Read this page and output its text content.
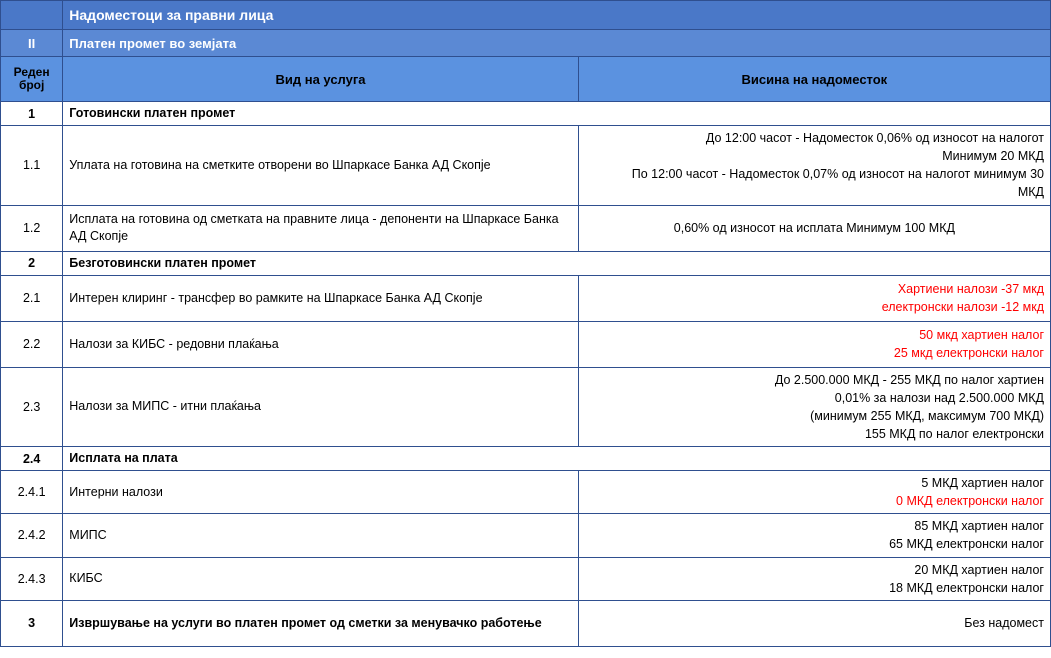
	Надоместоци за правни лица	
II	Платен промет во земјата	
Реден број	Вид на услуга	Висина на надоместок
1	Готовински платен промет	
1.1	Уплата на готовина на сметките отворени во Шпаркасе Банка АД Скопје	До 12:00 часот - Надоместок 0,06% од износот на налогот
Минимум 20 МКД
По 12:00 часот - Надоместок 0,07% од износот на налогот минимум 30
МКД

1.2	Исплата на готовина од сметката на правните лица - депоненти на Шпаркасе Банка АД Скопје	0,60% од износот на исплата Минимум 100 МКД

2	Безготовински платен промет	
2.1	Интерен клиринг - трансфер во рамките на Шпаркасе Банка АД Скопје	Хартиени налози -37 мкд
електронски налози -12 мкд

2.2	Налози за КИБС - редовни плаќања	50 мкд хартиен налог
25 мкд електронски налог

2.3	Налози за МИПС - итни плаќања	До 2.500.000 МКД - 255 МКД по налог хартиен
0,01% за налози над 2.500.000 МКД
(минимум 255 МКД, максимум 700 МКД)
155 МКД по налог електронски

2.4	Исплата на плата	
2.4.1	Интерни налози	5 МКД хартиен налог
0 МКД електронски налог

2.4.2	МИПС	85 МКД хартиен налог
65 МКД електронски налог

2.4.3	КИБС	20 МКД хартиен налог
18 МКД електронски налог

3	Извршување на услуги во платен промет од сметки за менувачко работење	Без надомест
